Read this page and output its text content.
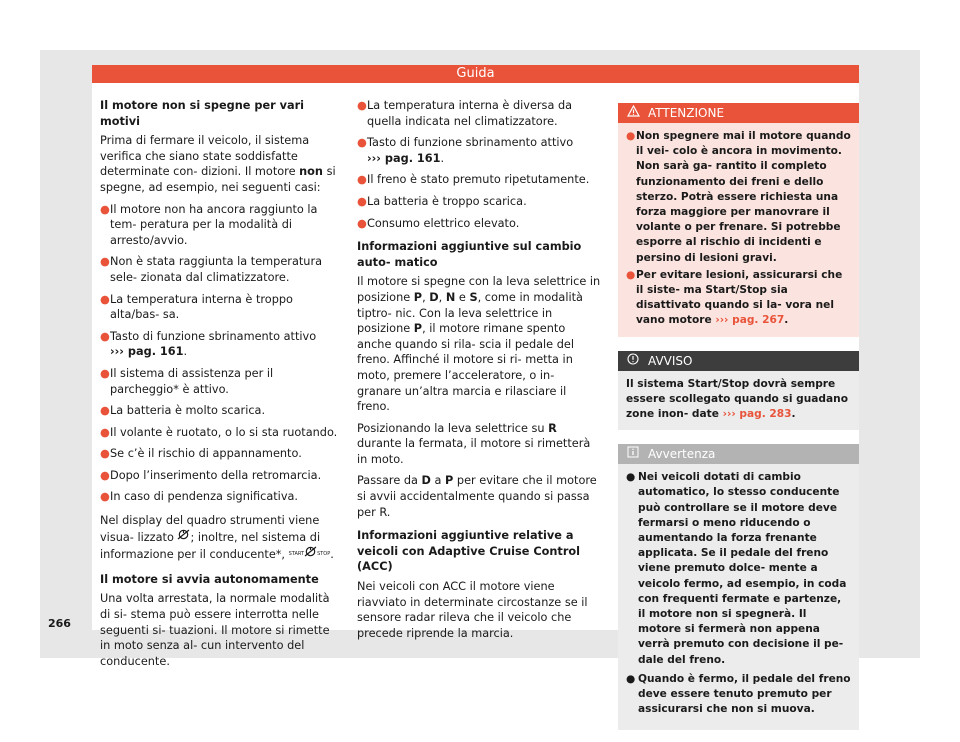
Guida
Il motore non si spegne per vari motivi

Prima di fermare il veicolo, il sistema verifica che siano state soddisfatte determinate con- dizioni. Il motore non si spegne, ad esempio, nei seguenti casi:

● Il motore non ha ancora raggiunto la tem- peratura per la modalità di arresto/avvio.
● Non è stata raggiunta la temperatura sele- zionata dal climatizzatore.
● La temperatura interna è troppo alta/bas- sa.
● Tasto di funzione sbrinamento attivo
››› pag. 161.
● Il sistema di assistenza per il parcheggio* è attivo.
● La batteria è molto scarica.
● Il volante è ruotato, o lo si sta ruotando.
● Se c’è il rischio di appannamento.
● Dopo l’inserimento della retromarcia.
● In caso di pendenza significativa.

Nel display del quadro strumenti viene visua- lizzato ; inoltre, nel sistema di informazione per il conducente*, START	STOP.

Il motore si avvia autonomamente

Una volta arrestata, la normale modalità di si- stema può essere interrotta nelle seguenti si- tuazioni. Il motore si rimette in moto senza al- cun intervento del conducente.

● La temperatura interna è diversa da quella indicata nel climatizzatore.
● Tasto di funzione sbrinamento attivo
››› pag. 161.
● Il freno è stato premuto ripetutamente.
● La batteria è troppo scarica.
● Consumo elettrico elevato.
Informazioni aggiuntive sul cambio auto- matico

Il motore si spegne con la leva selettrice in posizione P, D, N e S, come in modalità tiptro- nic. Con la leva selettrice in posizione P, il motore rimane spento anche quando si rila- scia il pedale del freno. Affinché il motore si ri- metta in moto, premere l’acceleratore, o in- granare un’altra marcia e rilasciare il freno.

Posizionando la leva selettrice su R durante la fermata, il motore si rimetterà in moto.

Passare da D a P per evitare che il motore si avvii accidentalmente quando si passa per R.

Informazioni aggiuntive relative a veicoli con Adaptive Cruise Control (ACC)

Nei veicoli con ACC il motore viene riavviato in determinate circostanze se il sensore radar rileva che il veicolo che precede riprende la marcia.

ATTENZIONE
● Non spegnere mai il motore quando il vei- colo è ancora in movimento. Non sarà ga- rantito il completo funzionamento dei freni e dello sterzo. Potrà essere richiesta una forza maggiore per manovrare il volante o per frenare. Si potrebbe esporre al rischio di incidenti e persino di lesioni gravi.
● Per evitare lesioni, assicurarsi che il siste- ma Start/Stop sia disattivato quando si la- vora nel vano motore ››› pag. 267.
AVVISO
Il sistema Start/Stop dovrà sempre essere scollegato quando si guadano zone inon- date ››› pag. 283.
Avvertenza
● Nei veicoli dotati di cambio automatico, lo stesso conducente può controllare se il motore deve fermarsi o meno riducendo o aumentando la forza frenante applicata. Se il pedale del freno viene premuto dolce- mente a veicolo fermo, ad esempio, in coda con frequenti fermate e partenze, il motore non si spegnerà. Il motore si fermerà non appena verrà premuto con decisione il pe- dale del freno.
● Quando è fermo, il pedale del freno deve essere tenuto premuto per assicurarsi che non si muova.
266
